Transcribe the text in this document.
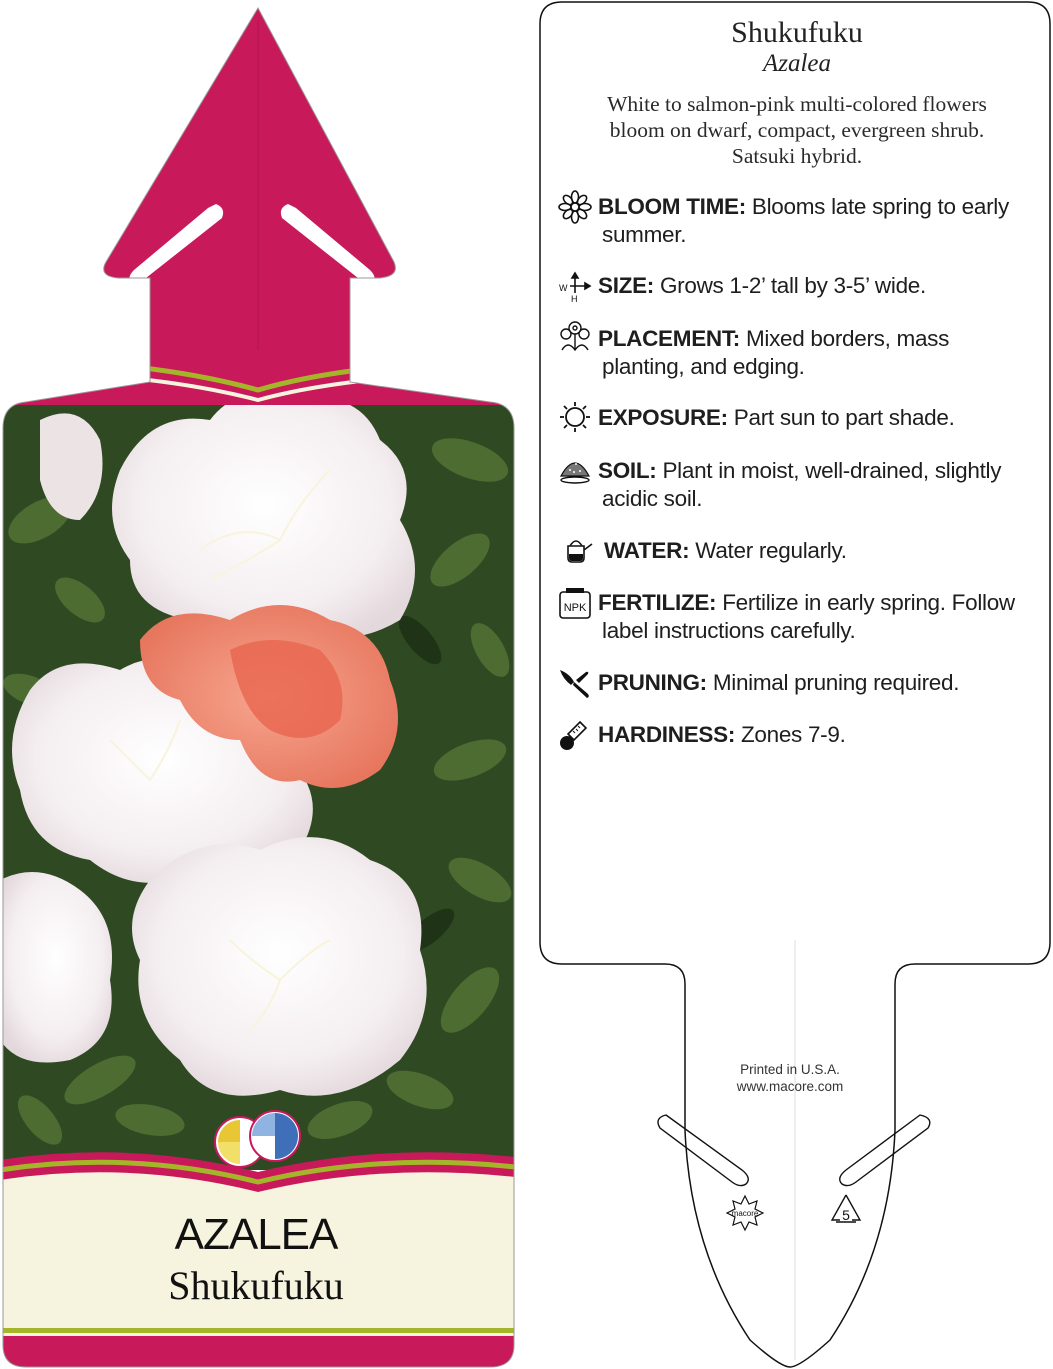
AZALEA
Shukufuku
macore	5
Shukufuku
Azalea
White to salmon-pink multi-colored flowers
bloom on dwarf, compact, evergreen shrub.
Satsuki hybrid.
W
H
NPK
BLOOM TIME: Blooms late spring to early
summer.
SIZE: Grows 1-2’ tall by 3-5’ wide.
PLACEMENT: Mixed borders, mass
planting, and edging.
EXPOSURE: Part sun to part shade.
SOIL: Plant in moist, well-drained, slightly
acidic soil.
WATER: Water regularly.
FERTILIZE: Fertilize in early spring. Follow
label instructions carefully.
PRUNING: Minimal pruning required.
HARDINESS: Zones 7-9.
Printed in U.S.A.
www.macore.com
